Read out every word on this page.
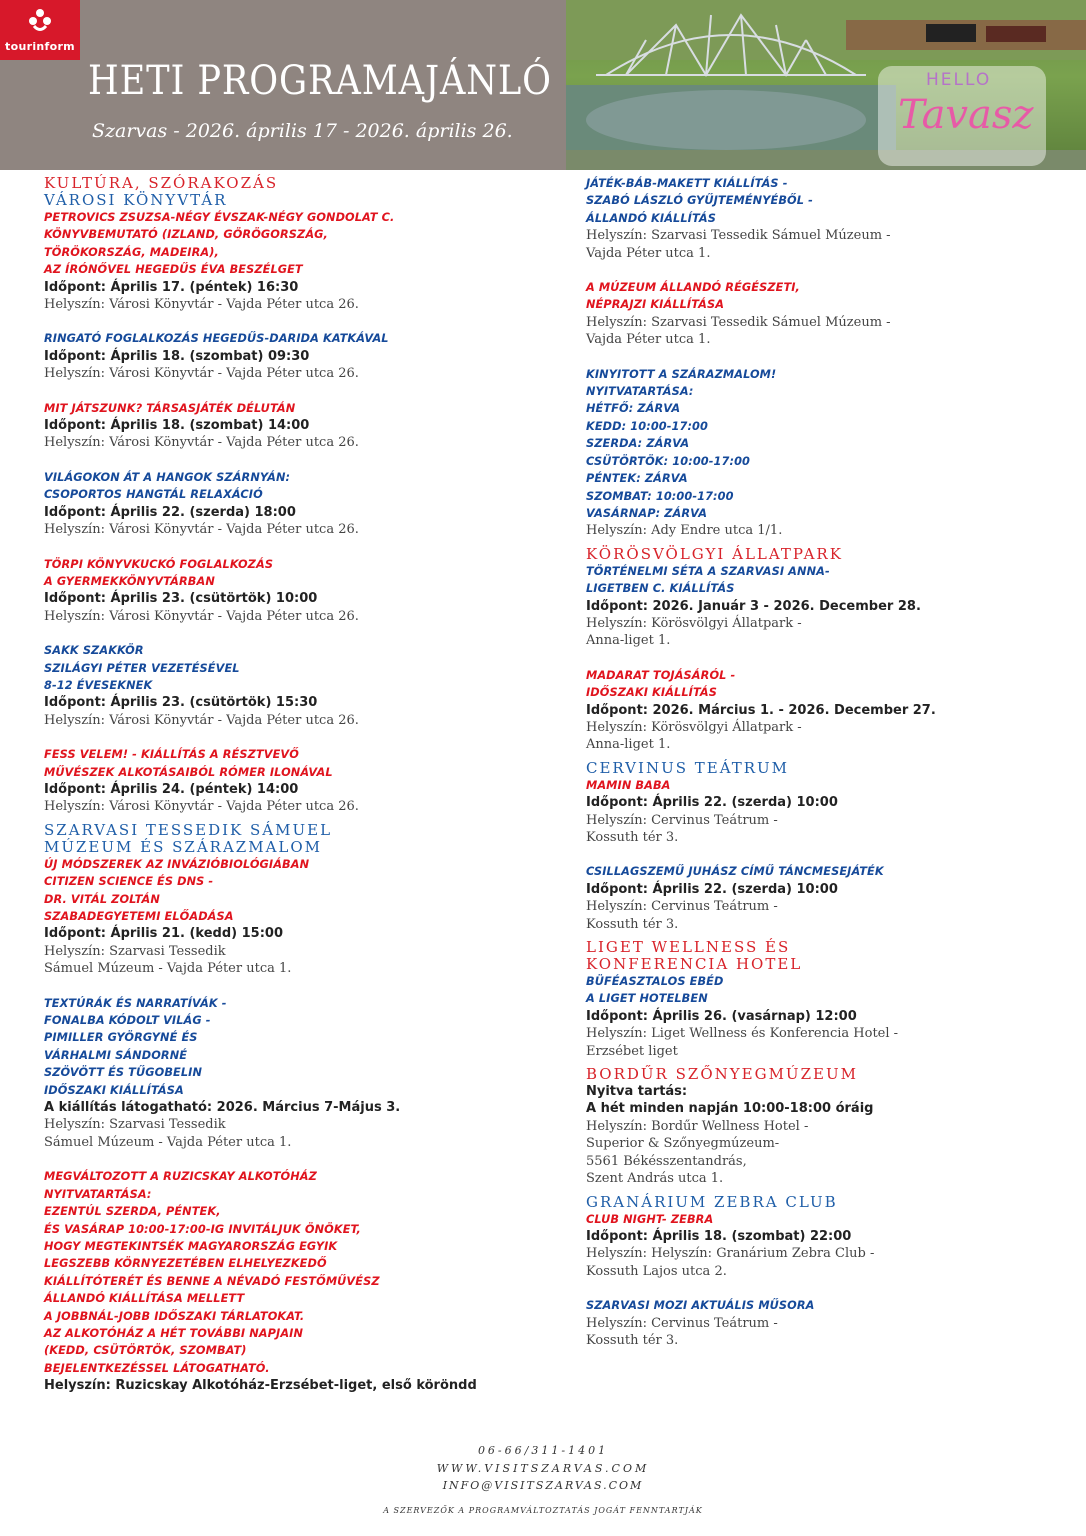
tourinform
HETI PROGRAMAJÁNLÓ
Szarvas - 2026. április 17 - 2026. április 26.
HELLO
Tavasz
KULTÚRA, SZÓRAKOZÁS
VÁROSI KÖNYVTÁR
PETROVICS ZSUZSA-NÉGY ÉVSZAK-NÉGY GONDOLAT C.
KÖNYVBEMUTATÓ (IZLAND, GÖRÖGORSZÁG,
TÖRÖKORSZÁG, MADEIRA),
AZ ÍRÓNŐVEL HEGEDŰS ÉVA BESZÉLGET
Időpont: Április 17. (péntek) 16:30
Helyszín: Városi Könyvtár - Vajda Péter utca 26.
RINGATÓ FOGLALKOZÁS HEGEDŰS-DARIDA KATKÁVAL
Időpont: Április 18. (szombat) 09:30
Helyszín: Városi Könyvtár - Vajda Péter utca 26.
MIT JÁTSZUNK? TÁRSASJÁTÉK DÉLUTÁN
Időpont: Április 18. (szombat) 14:00
Helyszín: Városi Könyvtár - Vajda Péter utca 26.
VILÁGOKON ÁT A HANGOK SZÁRNYÁN:
CSOPORTOS HANGTÁL RELAXÁCIÓ
Időpont: Április 22. (szerda) 18:00
Helyszín: Városi Könyvtár - Vajda Péter utca 26.
TÖRPI KÖNYVKUCKÓ FOGLALKOZÁS
A GYERMEKKÖNYVTÁRBAN
Időpont: Április 23. (csütörtök) 10:00
Helyszín: Városi Könyvtár - Vajda Péter utca 26.
SAKK SZAKKÖR
SZILÁGYI PÉTER VEZETÉSÉVEL
8-12 ÉVESEKNEK
Időpont: Április 23. (csütörtök) 15:30
Helyszín: Városi Könyvtár - Vajda Péter utca 26.
FESS VELEM! - KIÁLLÍTÁS A RÉSZTVEVŐ
MŰVÉSZEK ALKOTÁSAIBÓL RÓMER ILONÁVAL
Időpont: Április 24. (péntek) 14:00
Helyszín: Városi Könyvtár - Vajda Péter utca 26.
SZARVASI TESSEDIK SÁMUEL
MÚZEUM ÉS SZÁRAZMALOM
ÚJ MÓDSZEREK AZ INVÁZIÓBIOLÓGIÁBAN
CITIZEN SCIENCE ÉS DNS -
DR. VITÁL ZOLTÁN
SZABADEGYETEMI ELŐADÁSA
Időpont: Április 21. (kedd) 15:00
Helyszín: Szarvasi Tessedik
Sámuel Múzeum - Vajda Péter utca 1.
TEXTÚRÁK ÉS NARRATÍVÁK -
FONALBA KÓDOLT VILÁG -
PIMILLER GYÖRGYNÉ ÉS
VÁRHALMI SÁNDORNÉ
SZÖVÖTT ÉS TŰGOBELIN
IDŐSZAKI KIÁLLÍTÁSA
A kiállítás látogatható: 2026. Március 7-Május 3.
Helyszín: Szarvasi Tessedik
Sámuel Múzeum - Vajda Péter utca 1.
MEGVÁLTOZOTT A RUZICSKAY ALKOTÓHÁZ
NYITVATARTÁSA:
EZENTÚL SZERDA, PÉNTEK,
ÉS VASÁRAP 10:00-17:00-IG INVITÁLJUK ÖNÖKET,
HOGY MEGTEKINTSÉK MAGYARORSZÁG EGYIK
LEGSZEBB KÖRNYEZETÉBEN ELHELYEZKEDŐ
KIÁLLÍTÓTERÉT ÉS BENNE A NÉVADÓ FESTŐMŰVÉSZ
ÁLLANDÓ KIÁLLÍTÁSA MELLETT
A JOBBNÁL-JOBB IDŐSZAKI TÁRLATOKAT.
AZ ALKOTÓHÁZ A HÉT TOVÁBBI NAPJAIN
(KEDD, CSÜTÖRTÖK, SZOMBAT)
BEJELENTKEZÉSSEL LÁTOGATHATÓ.
Helyszín: Ruzicskay Alkotóház-Erzsébet-liget, első köröndd
JÁTÉK-BÁB-MAKETT KIÁLLÍTÁS -
SZABÓ LÁSZLÓ GYŰJTEMÉNYÉBŐL -
ÁLLANDÓ KIÁLLÍTÁS
Helyszín: Szarvasi Tessedik Sámuel Múzeum -
Vajda Péter utca 1.
A MÚZEUM ÁLLANDÓ RÉGÉSZETI,
NÉPRAJZI KIÁLLÍTÁSA
Helyszín: Szarvasi Tessedik Sámuel Múzeum -
Vajda Péter utca 1.
KINYITOTT A SZÁRAZMALOM!
NYITVATARTÁSA:
HÉTFŐ: ZÁRVA
KEDD: 10:00-17:00
SZERDA: ZÁRVA
CSÜTÖRTÖK: 10:00-17:00
PÉNTEK: ZÁRVA
SZOMBAT: 10:00-17:00
VASÁRNAP: ZÁRVA
Helyszín: Ady Endre utca 1/1.
KÖRÖSVÖLGYI ÁLLATPARK
TÖRTÉNELMI SÉTA A SZARVASI ANNA-
LIGETBEN C. KIÁLLÍTÁS
Időpont: 2026. Január 3 - 2026. December 28.
Helyszín: Körösvölgyi Állatpark -
Anna-liget 1.
MADARAT TOJÁSÁRÓL -
IDŐSZAKI KIÁLLÍTÁS
Időpont: 2026. Március 1. - 2026. December 27.
Helyszín: Körösvölgyi Állatpark -
Anna-liget 1.
CERVINUS TEÁTRUM
MAMIN BABA
Időpont: Április 22. (szerda) 10:00
Helyszín: Cervinus Teátrum -
Kossuth tér 3.
CSILLAGSZEMŰ JUHÁSZ CÍMŰ TÁNCMESEJÁTÉK
Időpont: Április 22. (szerda) 10:00
Helyszín: Cervinus Teátrum -
Kossuth tér 3.
LIGET WELLNESS ÉS
KONFERENCIA HOTEL
BÜFÉASZTALOS EBÉD
A LIGET HOTELBEN
Időpont: Április 26. (vasárnap) 12:00
Helyszín: Liget Wellness és Konferencia Hotel -
Erzsébet liget
BORDŰR SZŐNYEGMÚZEUM
Nyitva tartás:
A hét minden napján 10:00-18:00 óráig
Helyszín: Bordűr Wellness Hotel -
Superior & Szőnyegmúzeum-
5561 Békésszentandrás,
Szent András utca 1.
GRANÁRIUM ZEBRA CLUB
CLUB NIGHT- ZEBRA
Időpont: Április 18. (szombat) 22:00
Helyszín: Helyszín: Granárium Zebra Club -
Kossuth Lajos utca 2.
SZARVASI MOZI AKTUÁLIS MŰSORA
Helyszín: Cervinus Teátrum -
Kossuth tér 3.
06-66/311-1401
WWW.VISITSZARVAS.COM
INFO@VISITSZARVAS.COM
A SZERVEZŐK A PROGRAMVÁLTOZTATÁS JOGÁT FENNTARTJÁK
